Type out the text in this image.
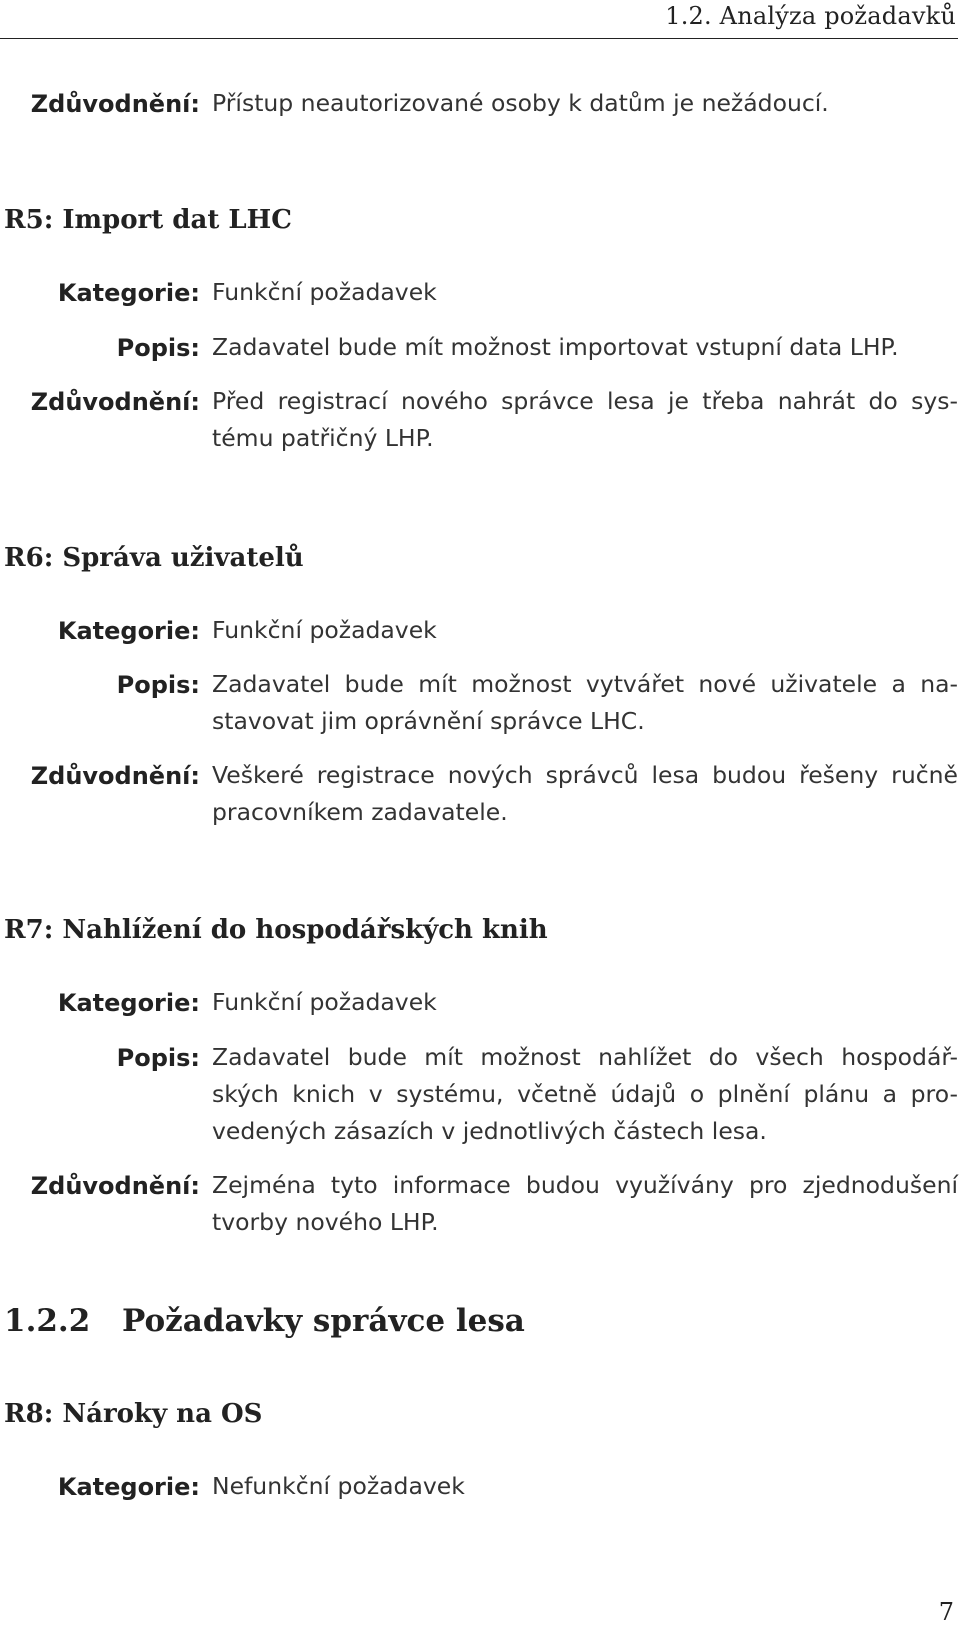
1.2. Analýza požadavků
Zdůvodnění: Přístup neautorizované osoby k datům je nežádoucí.
R5: Import dat LHC
Kategorie: Funkční požadavek
Popis: Zadavatel bude mít možnost importovat vstupní data LHP.
Zdůvodnění: Před registrací nového správce lesa je třeba nahrát do sys-
tému patřičný LHP.
R6: Správa uživatelů
Kategorie: Funkční požadavek
Popis: Zadavatel bude mít možnost vytvářet nové uživatele a na-
stavovat jim oprávnění správce LHC.
Zdůvodnění: Veškeré registrace nových správců lesa budou řešeny ručně
pracovníkem zadavatele.
R7: Nahlížení do hospodářských knih
Kategorie: Funkční požadavek
Popis: Zadavatel bude mít možnost nahlížet do všech hospodář-
ských knich v systému, včetně údajů o plnění plánu a pro-
vedených zásazích v jednotlivých částech lesa.
Zdůvodnění: Zejména tyto informace budou využívány pro zjednodušení
tvorby nového LHP.
1.2.2 Požadavky správce lesa
R8: Nároky na OS
Kategorie: Nefunkční požadavek
7
